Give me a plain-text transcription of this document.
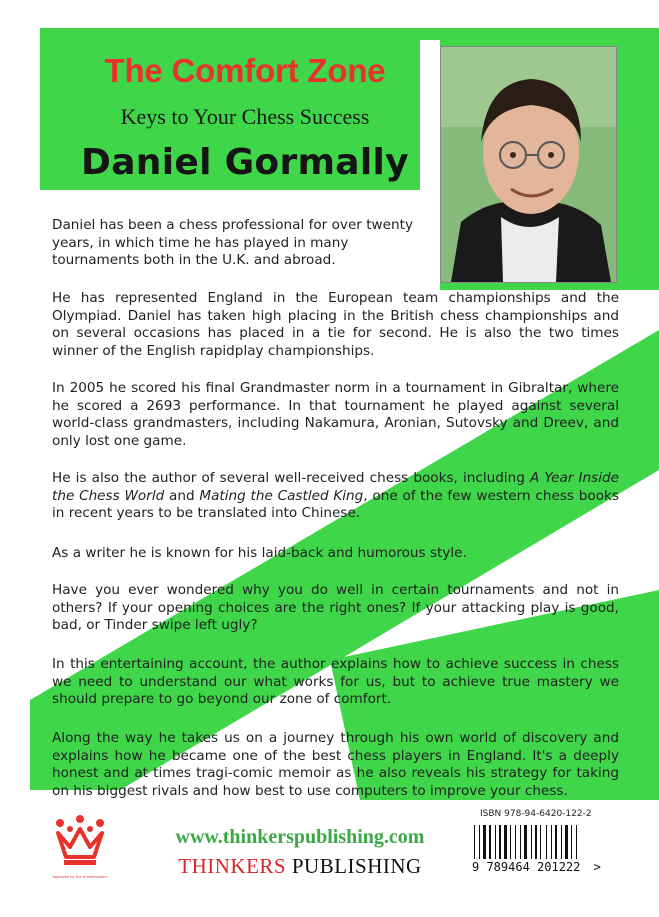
The Comfort Zone
Keys to Your Chess Success
Daniel Gormally

Daniel has been a chess professional for over twenty years, in which time he has played in many tournaments both in the U.K. and abroad.

He has represented England in the European team championships and the Olympiad. Daniel has taken high placing in the British chess championships and on several occasions has placed in a tie for second. He is also the two times winner of the English rapidplay championships.

In 2005 he scored his final Grandmaster norm in a tournament in Gibraltar, where he scored a 2693 performance. In that tournament he played against several world-class grandmasters, including Nakamura, Aronian, Sutovsky and Dreev, and only lost one game.

He is also the author of several well-received chess books, including A Year Inside the Chess World and Mating the Castled King, one of the few western chess books in recent years to be translated into Chinese.

As a writer he is known for his laid-back and humorous style.

Have you ever wondered why you do well in certain tournaments and not in others? If your opening choices are the right ones? If your attacking play is good, bad, or Tinder swipe left ugly?

In this entertaining account, the author explains how to achieve success in chess we need to understand our what works for us, but to achieve true mastery we should prepare to go beyond our zone of comfort.

Along the way he takes us on a journey through his own world of discovery and explains how he became one of the best chess players in England. It's a deeply honest and at times tragi-comic memoir as he also reveals his strategy for taking on his biggest rivals and how best to use computers to improve your chess.

Approved by the Grandmasters
www.thinkerspublishing.com
THINKERS PUBLISHING
ISBN 978-94-6420-122-2
9 789464 201222 >
